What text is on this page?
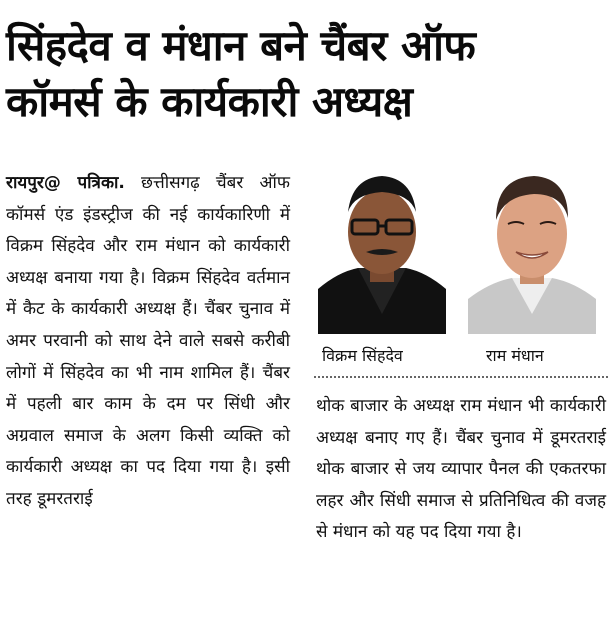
सिंहदेव व मंधान बने चैंबर ऑफ
कॉमर्स के कार्यकारी अध्यक्ष

रायपुर@ पत्रिका. छत्तीसगढ़ चैंबर ऑफ कॉमर्स एंड इंडस्ट्रीज की नई कार्यकारिणी में विक्रम सिंहदेव और राम मंधान को कार्यकारी अध्यक्ष बनाया गया है। विक्रम सिंहदेव वर्तमान में कैट के कार्यकारी अध्यक्ष हैं। चैंबर चुनाव में अमर परवानी को साथ देने वाले सबसे करीबी लोगों में सिंहदेव का भी नाम शामिल हैं। चैंबर में पहली बार काम के दम पर सिंधी और अग्रवाल समाज के अलग किसी व्यक्ति को कार्यकारी अध्यक्ष का पद दिया गया है। इसी तरह डूमरतराई

विक्रम सिंहदेव	राम मंधान

थोक बाजार के अध्यक्ष राम मंधान भी कार्यकारी अध्यक्ष बनाए गए हैं। चैंबर चुनाव में डूमरतराई थोक बाजार से जय व्यापार पैनल की एकतरफा लहर और सिंधी समाज से प्रतिनिधित्व की वजह से मंधान को यह पद दिया गया है।
